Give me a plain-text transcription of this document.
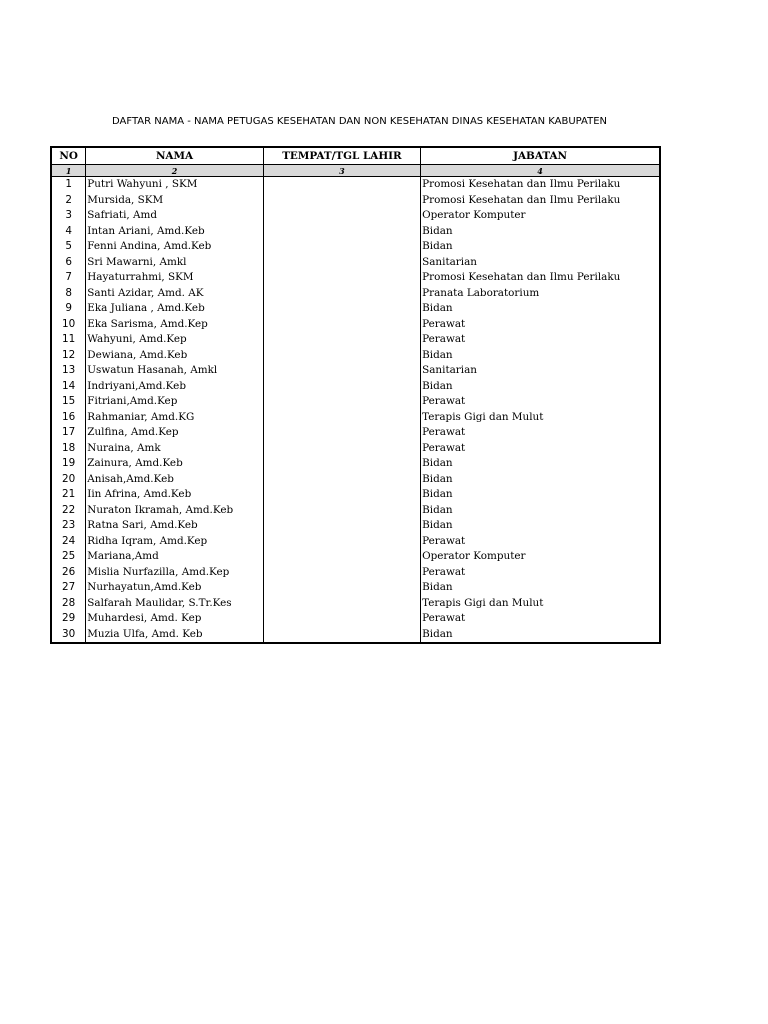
DAFTAR NAMA - NAMA PETUGAS KESEHATAN DAN NON KESEHATAN DINAS KESEHATAN KABUPATEN
NO	NAMA	TEMPAT/TGL LAHIR	JABATAN
1	2	3	4
1	Putri Wahyuni , SKM		Promosi Kesehatan dan Ilmu Perilaku
2	Mursida, SKM		Promosi Kesehatan dan Ilmu Perilaku
3	Safriati, Amd		Operator Komputer
4	Intan Ariani, Amd.Keb		Bidan
5	Fenni Andina, Amd.Keb		Bidan
6	Sri Mawarni, Amkl		Sanitarian
7	Hayaturrahmi, SKM		Promosi Kesehatan dan Ilmu Perilaku
8	Santi Azidar, Amd. AK		Pranata Laboratorium
9	Eka Juliana , Amd.Keb		Bidan
10	Eka Sarisma, Amd.Kep		Perawat
11	Wahyuni, Amd.Kep		Perawat
12	Dewiana, Amd.Keb		Bidan
13	Uswatun Hasanah, Amkl		Sanitarian
14	Indriyani,Amd.Keb		Bidan
15	Fitriani,Amd.Kep		Perawat
16	Rahmaniar, Amd.KG		Terapis Gigi dan Mulut
17	Zulfina, Amd.Kep		Perawat
18	Nuraina, Amk		Perawat
19	Zainura, Amd.Keb		Bidan
20	Anisah,Amd.Keb		Bidan
21	Iin Afrina, Amd.Keb		Bidan
22	Nuraton Ikramah, Amd.Keb		Bidan
23	Ratna Sari, Amd.Keb		Bidan
24	Ridha Iqram, Amd.Kep		Perawat
25	Mariana,Amd		Operator Komputer
26	Mislia Nurfazilla, Amd.Kep		Perawat
27	Nurhayatun,Amd.Keb		Bidan
28	Salfarah Maulidar, S.Tr.Kes		Terapis Gigi dan Mulut
29	Muhardesi, Amd. Kep		Perawat
30	Muzia Ulfa, Amd. Keb		Bidan
